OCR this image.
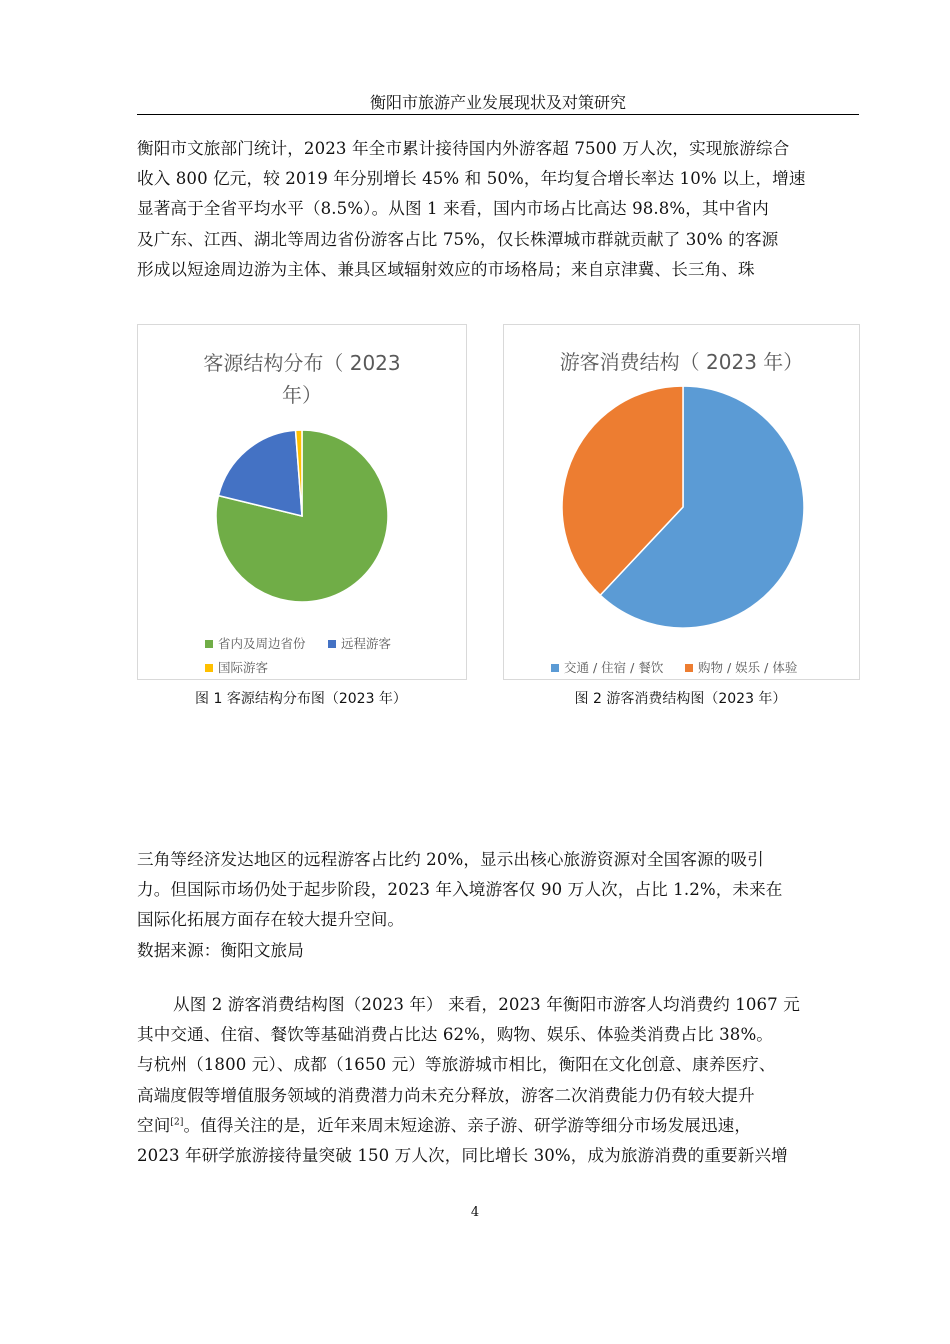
衡阳市旅游产业发展现状及对策研究
衡阳市文旅部门统计，2023 年全市累计接待国内外游客超 7500 万人次，实现旅游综合
收入 800 亿元，较 2019 年分别增长 45% 和 50%，年均复合增长率达 10% 以上，增速
显著高于全省平均水平（8.5%）。从图 1 来看，国内市场占比高达 98.8%，其中省内
及广东、江西、湖北等周边省份游客占比 75%，仅长株潭城市群就贡献了 30% 的客源
形成以短途周边游为主体、兼具区域辐射效应的市场格局；来自京津冀、长三角、珠
客源结构分布（ 2023
年）
省内及周边省份	远程游客
国际游客
游客消费结构（ 2023 年）
交通 / 住宿 / 餐饮	购物 / 娱乐 / 体验
图 1 客源结构分布图（2023 年）	图 2 游客消费结构图（2023 年）
三角等经济发达地区的远程游客占比约 20%，显示出核心旅游资源对全国客源的吸引
力。但国际市场仍处于起步阶段，2023 年入境游客仅 90 万人次，占比 1.2%，未来在
国际化拓展方面存在较大提升空间。
数据来源：衡阳文旅局
从图 2 游客消费结构图（2023 年） 来看，2023 年衡阳市游客人均消费约 1067 元
其中交通、住宿、餐饮等基础消费占比达 62%，购物、娱乐、体验类消费占比 38%。
与杭州（1800 元）、成都（1650 元）等旅游城市相比，衡阳在文化创意、康养医疗、
高端度假等增值服务领域的消费潜力尚未充分释放，游客二次消费能力仍有较大提升
空间[2]。值得关注的是，近年来周末短途游、亲子游、研学游等细分市场发展迅速，
2023 年研学旅游接待量突破 150 万人次，同比增长 30%，成为旅游消费的重要新兴增
4
